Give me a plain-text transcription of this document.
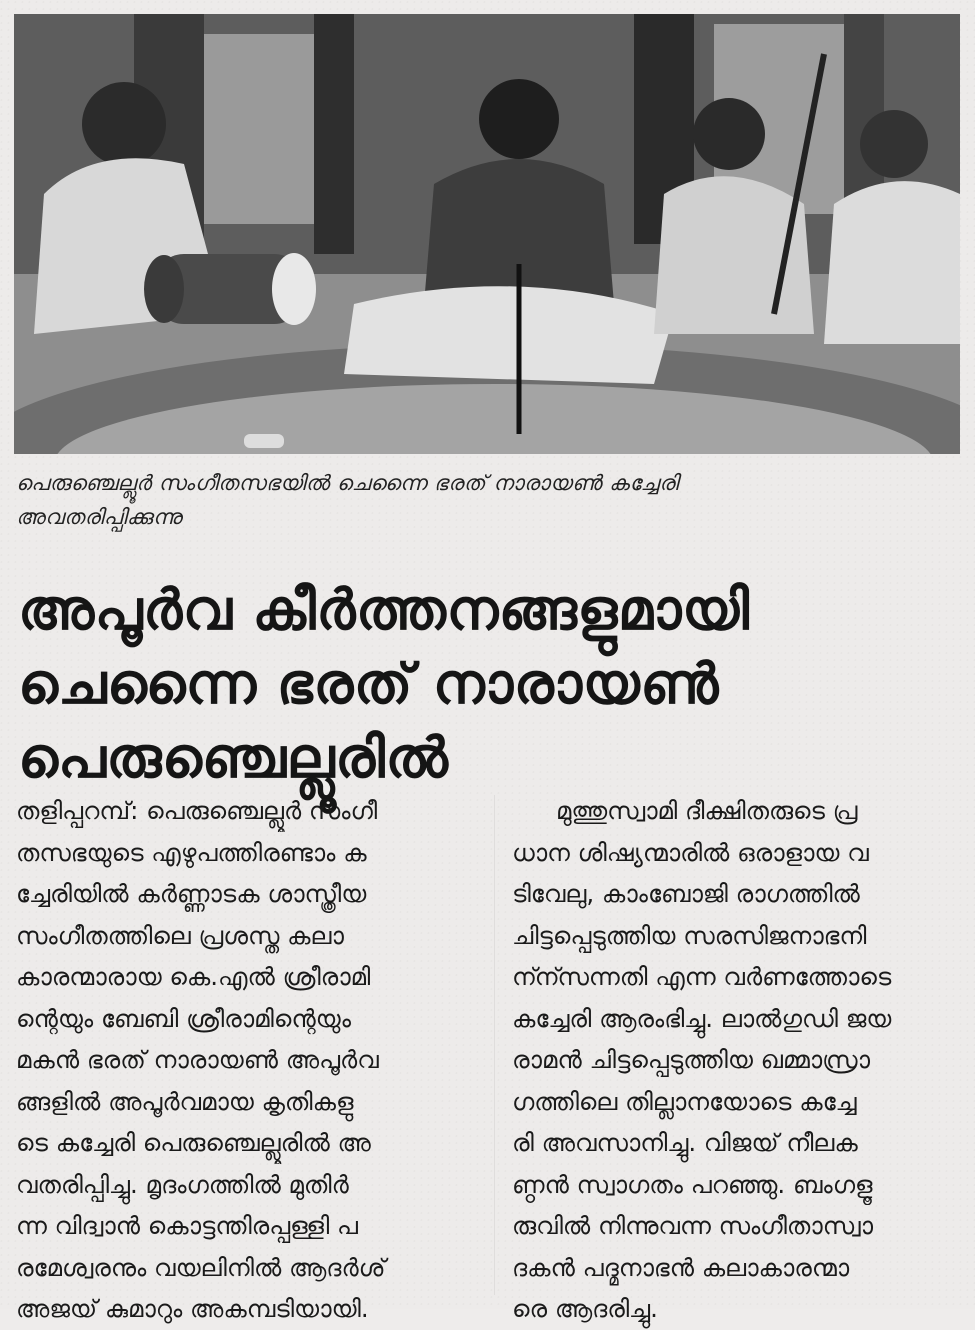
പെരുഞ്ചെല്ലൂർ സംഗീതസഭയിൽ ചെന്നൈ ഭരത് നാരായൺ കച്ചേരി
അവതരിപ്പിക്കുന്നു
അപൂർവ കീർത്തനങ്ങളുമായി
ചെന്നൈ ഭരത് നാരായൺ
പെരുഞ്ചെല്ലൂരിൽ
തളിപ്പറമ്പ്: പെരുഞ്ചെല്ലൂർ സംഗീ
തസഭയുടെ എഴുപത്തിരണ്ടാം ക
ച്ചേരിയിൽ കർണ്ണാടക ശാസ്ത്രീയ
സംഗീതത്തിലെ പ്രശസ്ത കലാ
കാരന്മാരായ കെ.എൽ ശ്രീരാമി
ന്റെയും ബേബി ശ്രീരാമിന്റെയും
മകൻ ഭരത് നാരായൺ അപൂർവ
ങ്ങളിൽ അപൂർവമായ കൃതികളു
ടെ കച്ചേരി പെരുഞ്ചെല്ലൂരിൽ അ
വതരിപ്പിച്ചു. മൃദംഗത്തിൽ മുതിർ
ന്ന വിദ്വാൻ കൊട്ടന്തിരപ്പള്ളി പ
രമേശ്വരനും വയലിനിൽ ആദർശ്
അജയ് കുമാറും അകമ്പടിയായി.
മുത്തുസ്വാമി ദീക്ഷിതരുടെ പ്ര
ധാന ശിഷ്യന്മാരിൽ ഒരാളായ വ
ടിവേലു, കാംബോജി രാഗത്തിൽ
ചിട്ടപ്പെടുത്തിയ സരസിജനാഭനി
ന്ന്സന്നതി എന്ന വർണത്തോടെ
കച്ചേരി ആരംഭിച്ചു. ലാൽഗുഡി ജയ
രാമൻ ചിട്ടപ്പെടുത്തിയ ഖമ്മാസ്രാ
ഗത്തിലെ തില്ലാനയോടെ കച്ചേ
രി അവസാനിച്ചു. വിജയ് നീലക
ണ്ഠൻ സ്വാഗതം പറഞ്ഞു. ബംഗളൂ
രുവിൽ നിന്നുവന്ന സംഗീതാസ്വാ
ദകൻ പദ്മനാഭൻ കലാകാരന്മാ
രെ ആദരിച്ചു.
